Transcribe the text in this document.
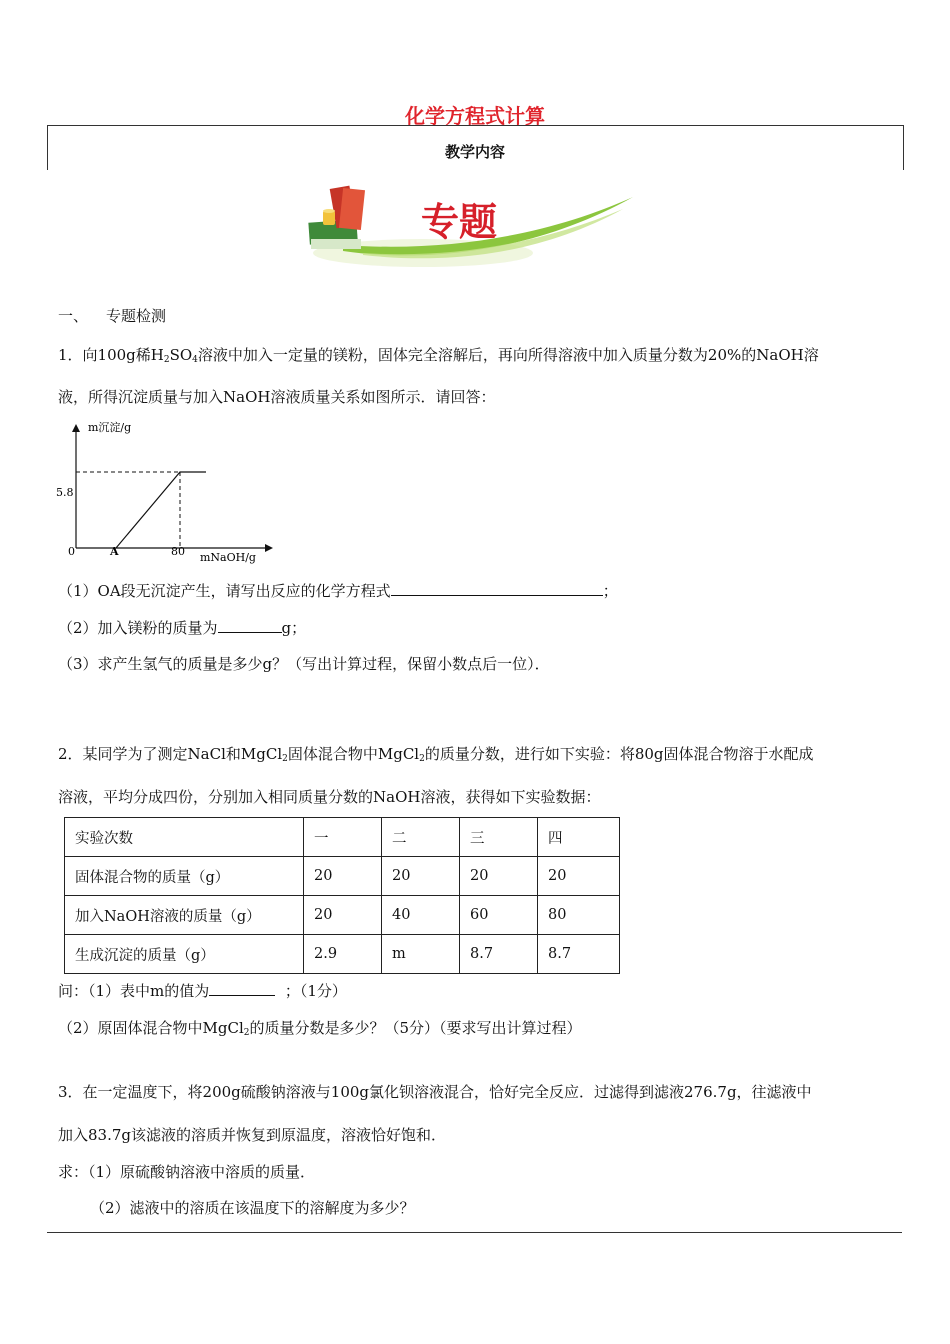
化学方程式计算
教学内容
专题
一、 专题检测
1．向100g稀$H_2SO_4$溶液中加入一定量的镁粉，固体完全溶解后，再向所得溶液中加入质量分数为20%的NaOH溶
液，所得沉淀质量与加入NaOH溶液质量关系如图所示．请回答：
m沉淀/g
mNaOH/g
0	A	80
5.8
（1）OA段无沉淀产生，请写出反应的化学方程式	；
（2）加入镁粉的质量为	g；
（3）求产生氢气的质量是多少g？（写出计算过程，保留小数点后一位）．
2．某同学为了测定NaCl和MgCl$_2$固体混合物中MgCl$_2$的质量分数，进行如下实验：将80g固体混合物溶于水配成
溶液，平均分成四份，分别加入相同质量分数的NaOH溶液，获得如下实验数据：
实验次数	一	二	三	四
固体混合物的质量（g）	20	20	20	20
加入NaOH溶液的质量（g）	20	40	60	80
生成沉淀的质量（g）	2.9	m	8.7	8.7
问：（1）表中m的值为	；（1分）
（2）原固体混合物中MgCl$_2$的质量分数是多少？（5分）（要求写出计算过程）
3．在一定温度下，将200g硫酸钠溶液与100g氯化钡溶液混合，恰好完全反应．过滤得到滤液276.7g，往滤液中
加入83.7g该滤液的溶质并恢复到原温度，溶液恰好饱和．
求：（1）原硫酸钠溶液中溶质的质量．
（2）滤液中的溶质在该温度下的溶解度为多少？
